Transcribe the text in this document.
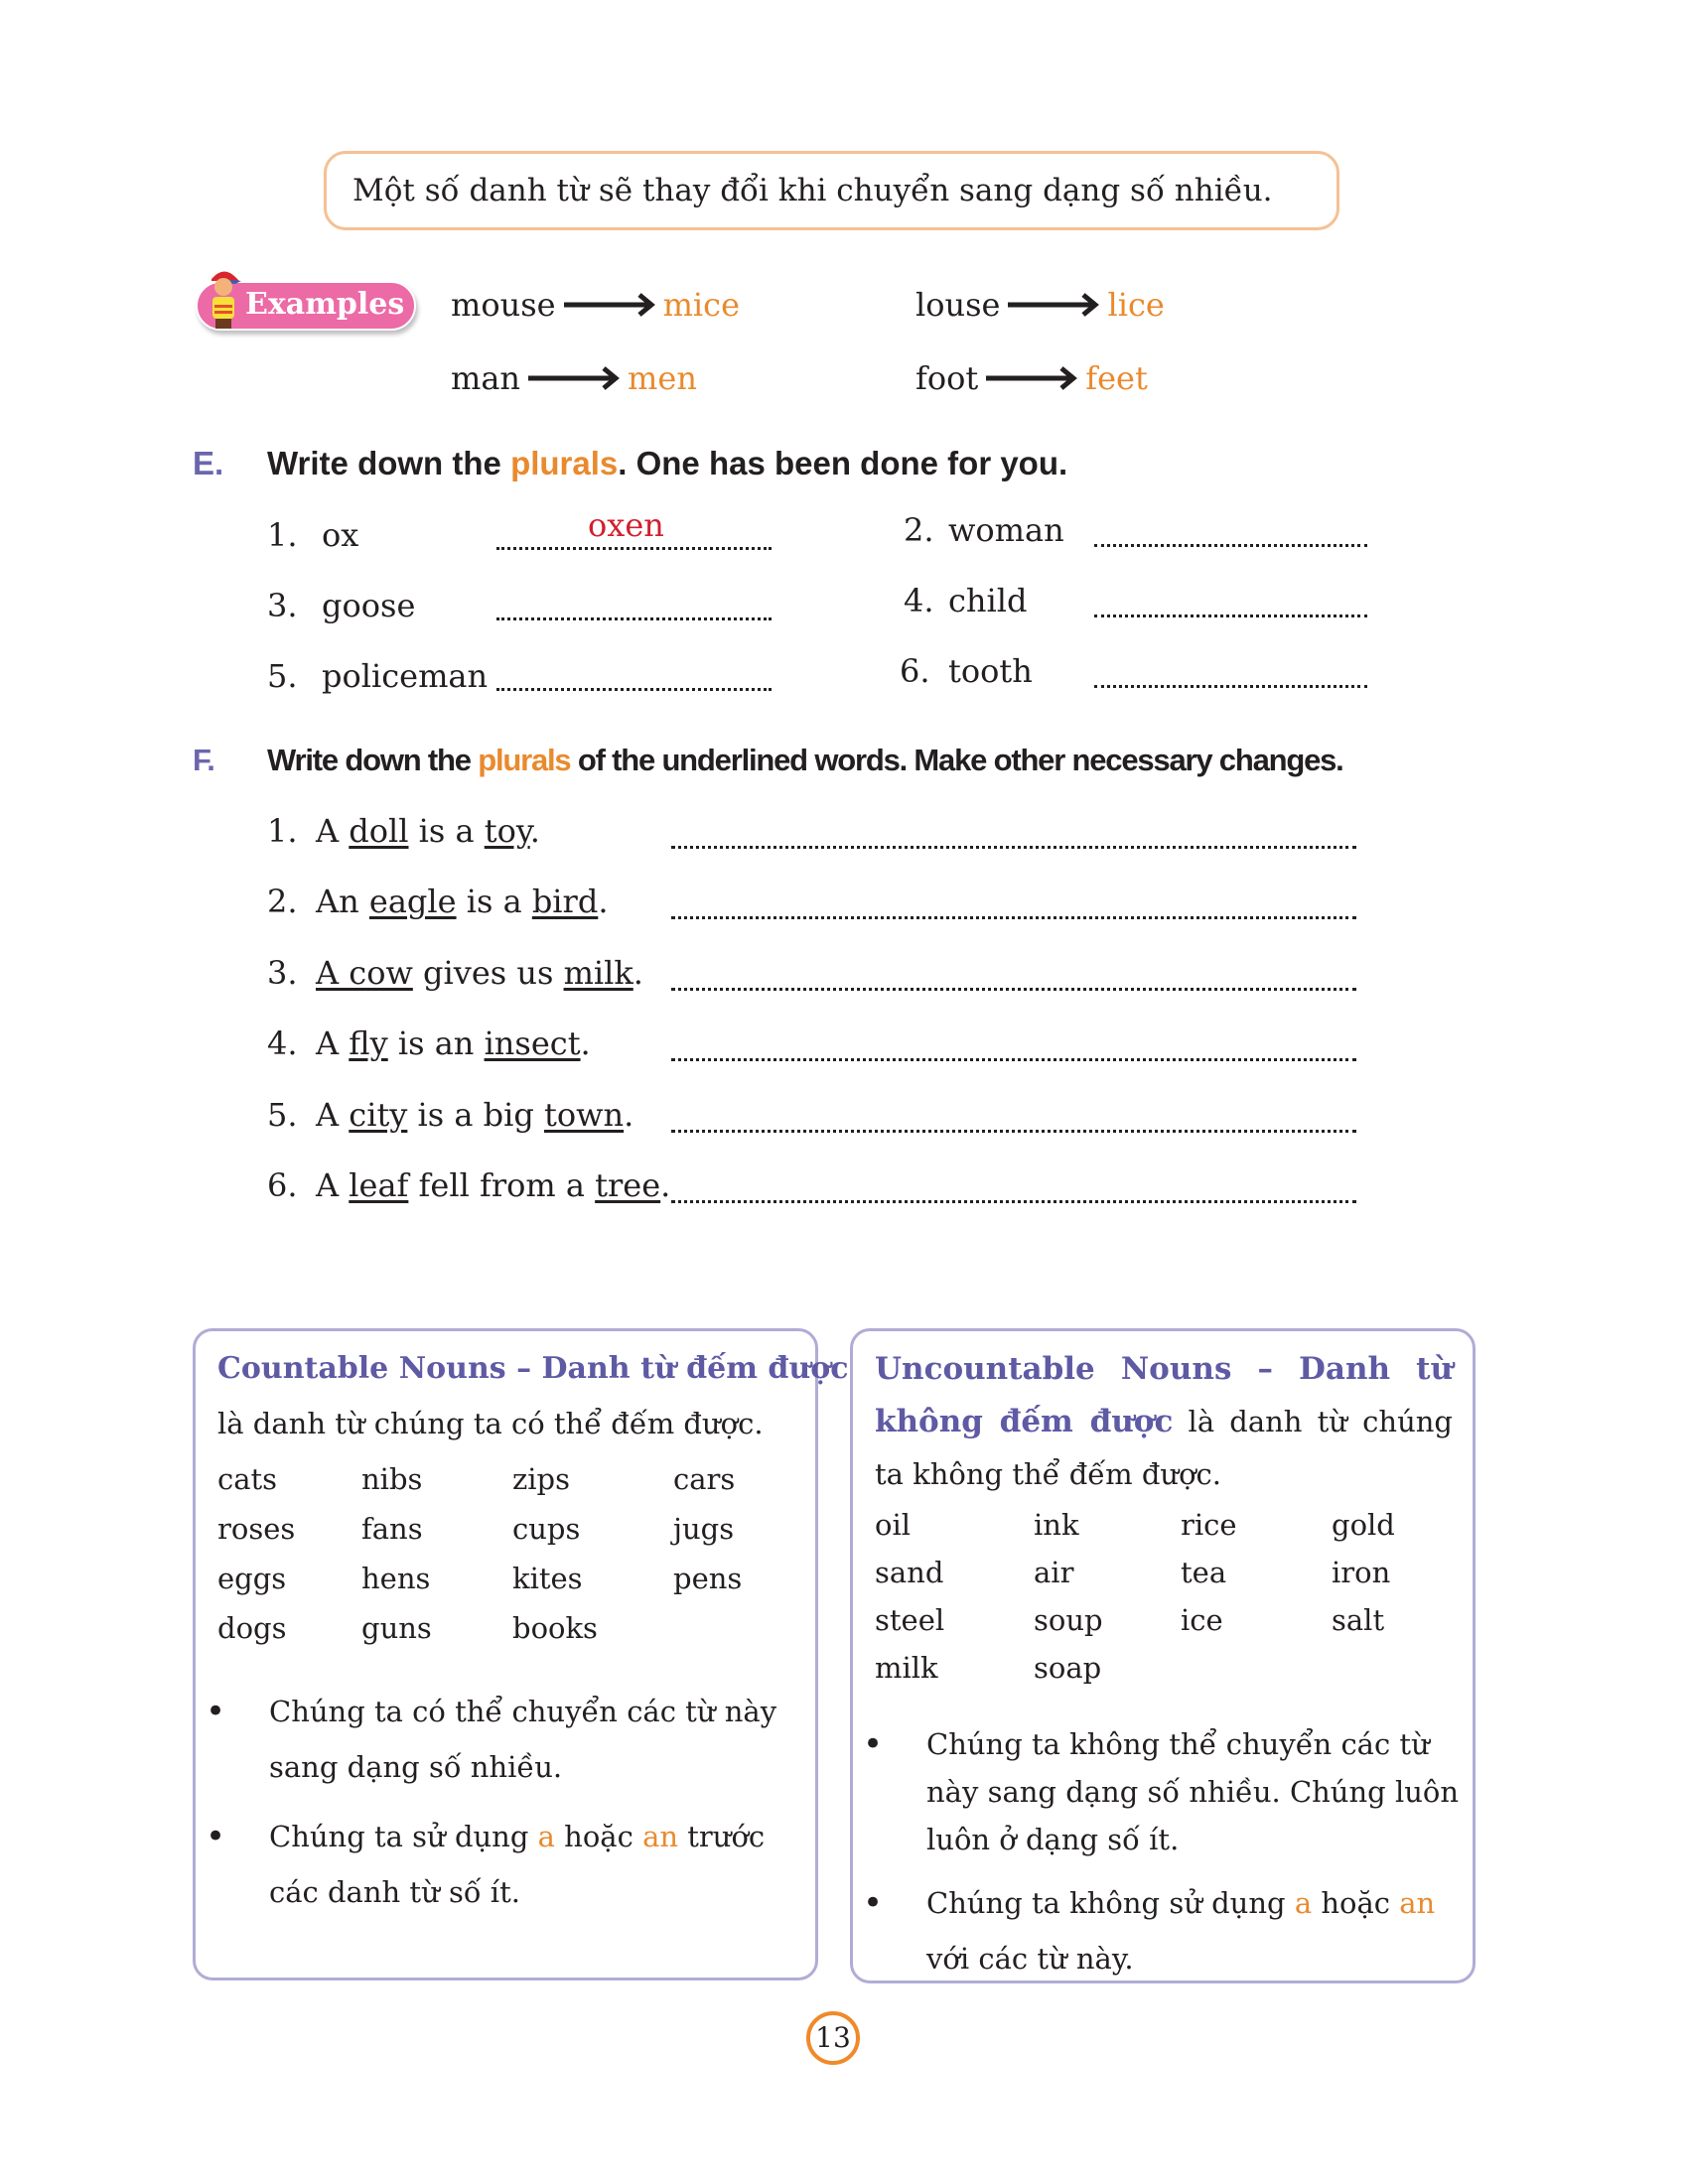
Một số danh từ sẽ thay đổi khi chuyển sang dạng số nhiều.
Examples mouse	mice	louse	lice
man	men	foot	feet
E. Write down the plurals. One has been done for you.
1. ox	oxen
3. goose
5. policeman
2. woman
4. child
6. tooth
F. Write down the plurals of the underlined words. Make other necessary changes.
1. A doll is a toy.
2. An eagle is a bird.
3. A cow gives us milk.
4. A fly is an insect.
5. A city is a big town.
6. A leaf fell from a tree.
Countable Nouns – Danh từ đếm được
là danh từ chúng ta có thể đếm được.
cats	nibs	zips	cars
roses	fans	cups	jugs
eggs	hens	kites	pens
dogs	guns	books
•	Chúng ta có thể chuyển các từ này sang dạng số nhiều.
•	Chúng ta sử dụng a hoặc an trước các danh từ số ít.
Uncountable Nouns – Danh từ không đếm được là danh từ chúng ta không thể đếm được.
oil	ink	rice	gold
sand	air	tea	iron
steel	soup	ice	salt
milk	soap
•	Chúng ta không thể chuyển các từ này sang dạng số nhiều. Chúng luôn luôn ở dạng số ít.
•	Chúng ta không sử dụng a hoặc an với các từ này.
13
